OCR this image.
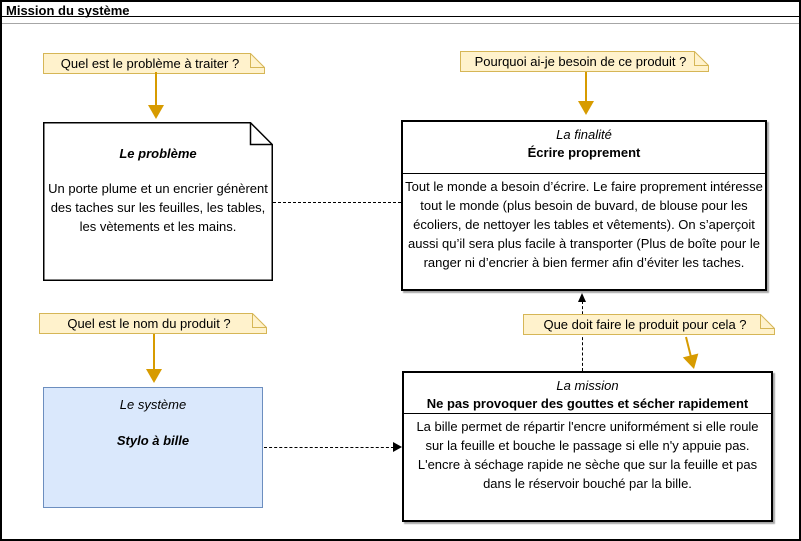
Mission du système
Quel est le problème à traiter ?	Pourquoi ai-je besoin de ce produit ?
Le problème
Un porte plume et un encrier génèrent des taches sur les feuilles, les tables, les vètements et les mains.
La finalité
Écrire proprement
Tout le monde a besoin d’écrire. Le faire proprement intéresse tout le monde (plus besoin de buvard, de blouse pour les écoliers, de nettoyer les tables et vêtements). On s’aperçoit aussi qu’il sera plus facile à transporter (Plus de boîte pour le ranger ni d’encrier à bien fermer afin d’éviter les taches.
Quel est le nom du produit ?
Le système
Stylo à bille
Que doit faire le produit pour cela ?
La mission
Ne pas provoquer des gouttes et sécher rapidement
La bille permet de répartir l'encre uniformément si elle roule sur la feuille et bouche le passage si elle n'y appuie pas. L'encre à séchage rapide ne sèche que sur la feuille et pas dans le réservoir bouché par la bille.
